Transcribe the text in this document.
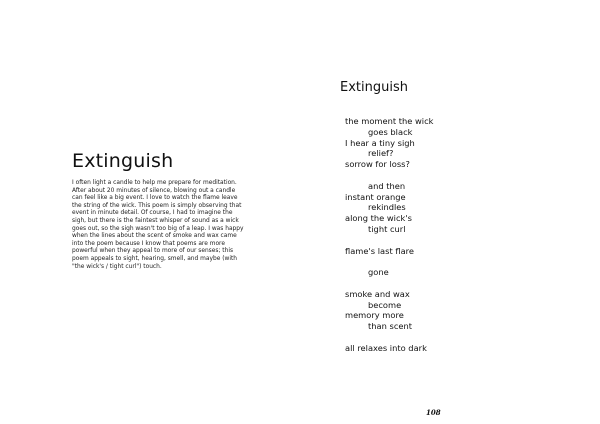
Extinguish
I often light a candle to help me prepare for meditation.
After about 20 minutes of silence, blowing out a candle
can feel like a big event. I love to watch the flame leave
the string of the wick. This poem is simply observing that
event in minute detail. Of course, I had to imagine the
sigh, but there is the faintest whisper of sound as a wick
goes out, so the sigh wasn't too big of a leap. I was happy
when the lines about the scent of smoke and wax came
into the poem because I know that poems are more
powerful when they appeal to more of our senses; this
poem appeals to sight, hearing, smell, and maybe (with
"the wick's / tight curl") touch.
Extinguish
the moment the wick
goes black
I hear a tiny sigh
relief?
sorrow for loss?
and then
instant orange
rekindles
along the wick's
tight curl
flame's last flare
gone
smoke and wax
become
memory more
than scent
all relaxes into dark

108
